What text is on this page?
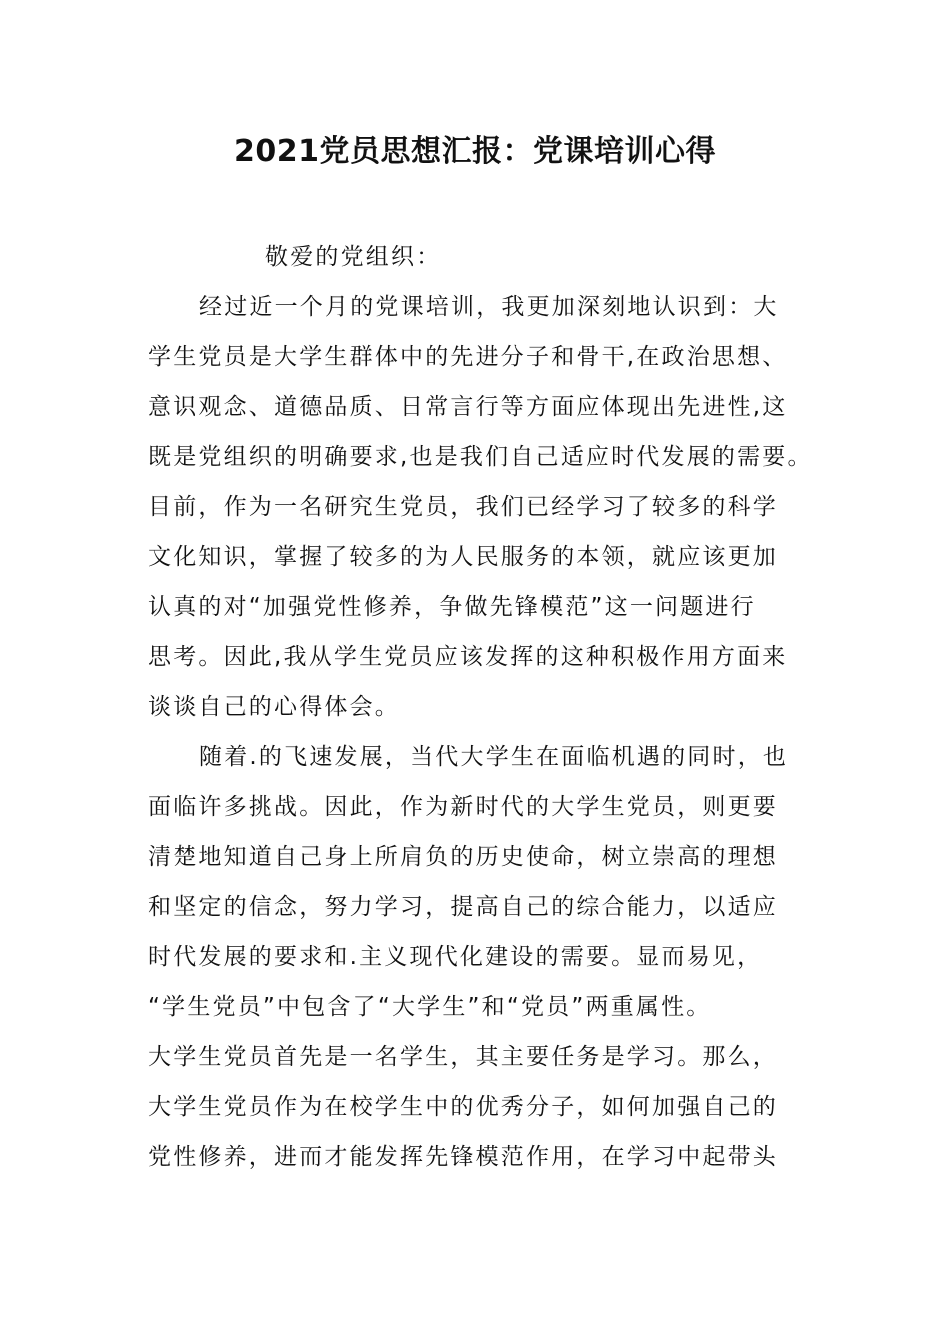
2021党员思想汇报：党课培训心得
敬爱的党组织：
经过近一个月的党课培训，我更加深刻地认识到：大
学生党员是大学生群体中的先进分子和骨干,在政治思想、
意识观念、道德品质、日常言行等方面应体现出先进性,这
既是党组织的明确要求,也是我们自己适应时代发展的需要。
目前，作为一名研究生党员，我们已经学习了较多的科学
文化知识，掌握了较多的为人民服务的本领，就应该更加
认真的对“加强党性修养，争做先锋模范”这一问题进行
思考。因此,我从学生党员应该发挥的这种积极作用方面来
谈谈自己的心得体会。
随着.的飞速发展，当代大学生在面临机遇的同时，也
面临许多挑战。因此，作为新时代的大学生党员，则更要
清楚地知道自己身上所肩负的历史使命，树立崇高的理想
和坚定的信念，努力学习，提高自己的综合能力，以适应
时代发展的要求和.主义现代化建设的需要。显而易见，
“学生党员”中包含了“大学生”和“党员”两重属性。
大学生党员首先是一名学生，其主要任务是学习。那么，
大学生党员作为在校学生中的优秀分子，如何加强自己的
党性修养，进而才能发挥先锋模范作用，在学习中起带头
